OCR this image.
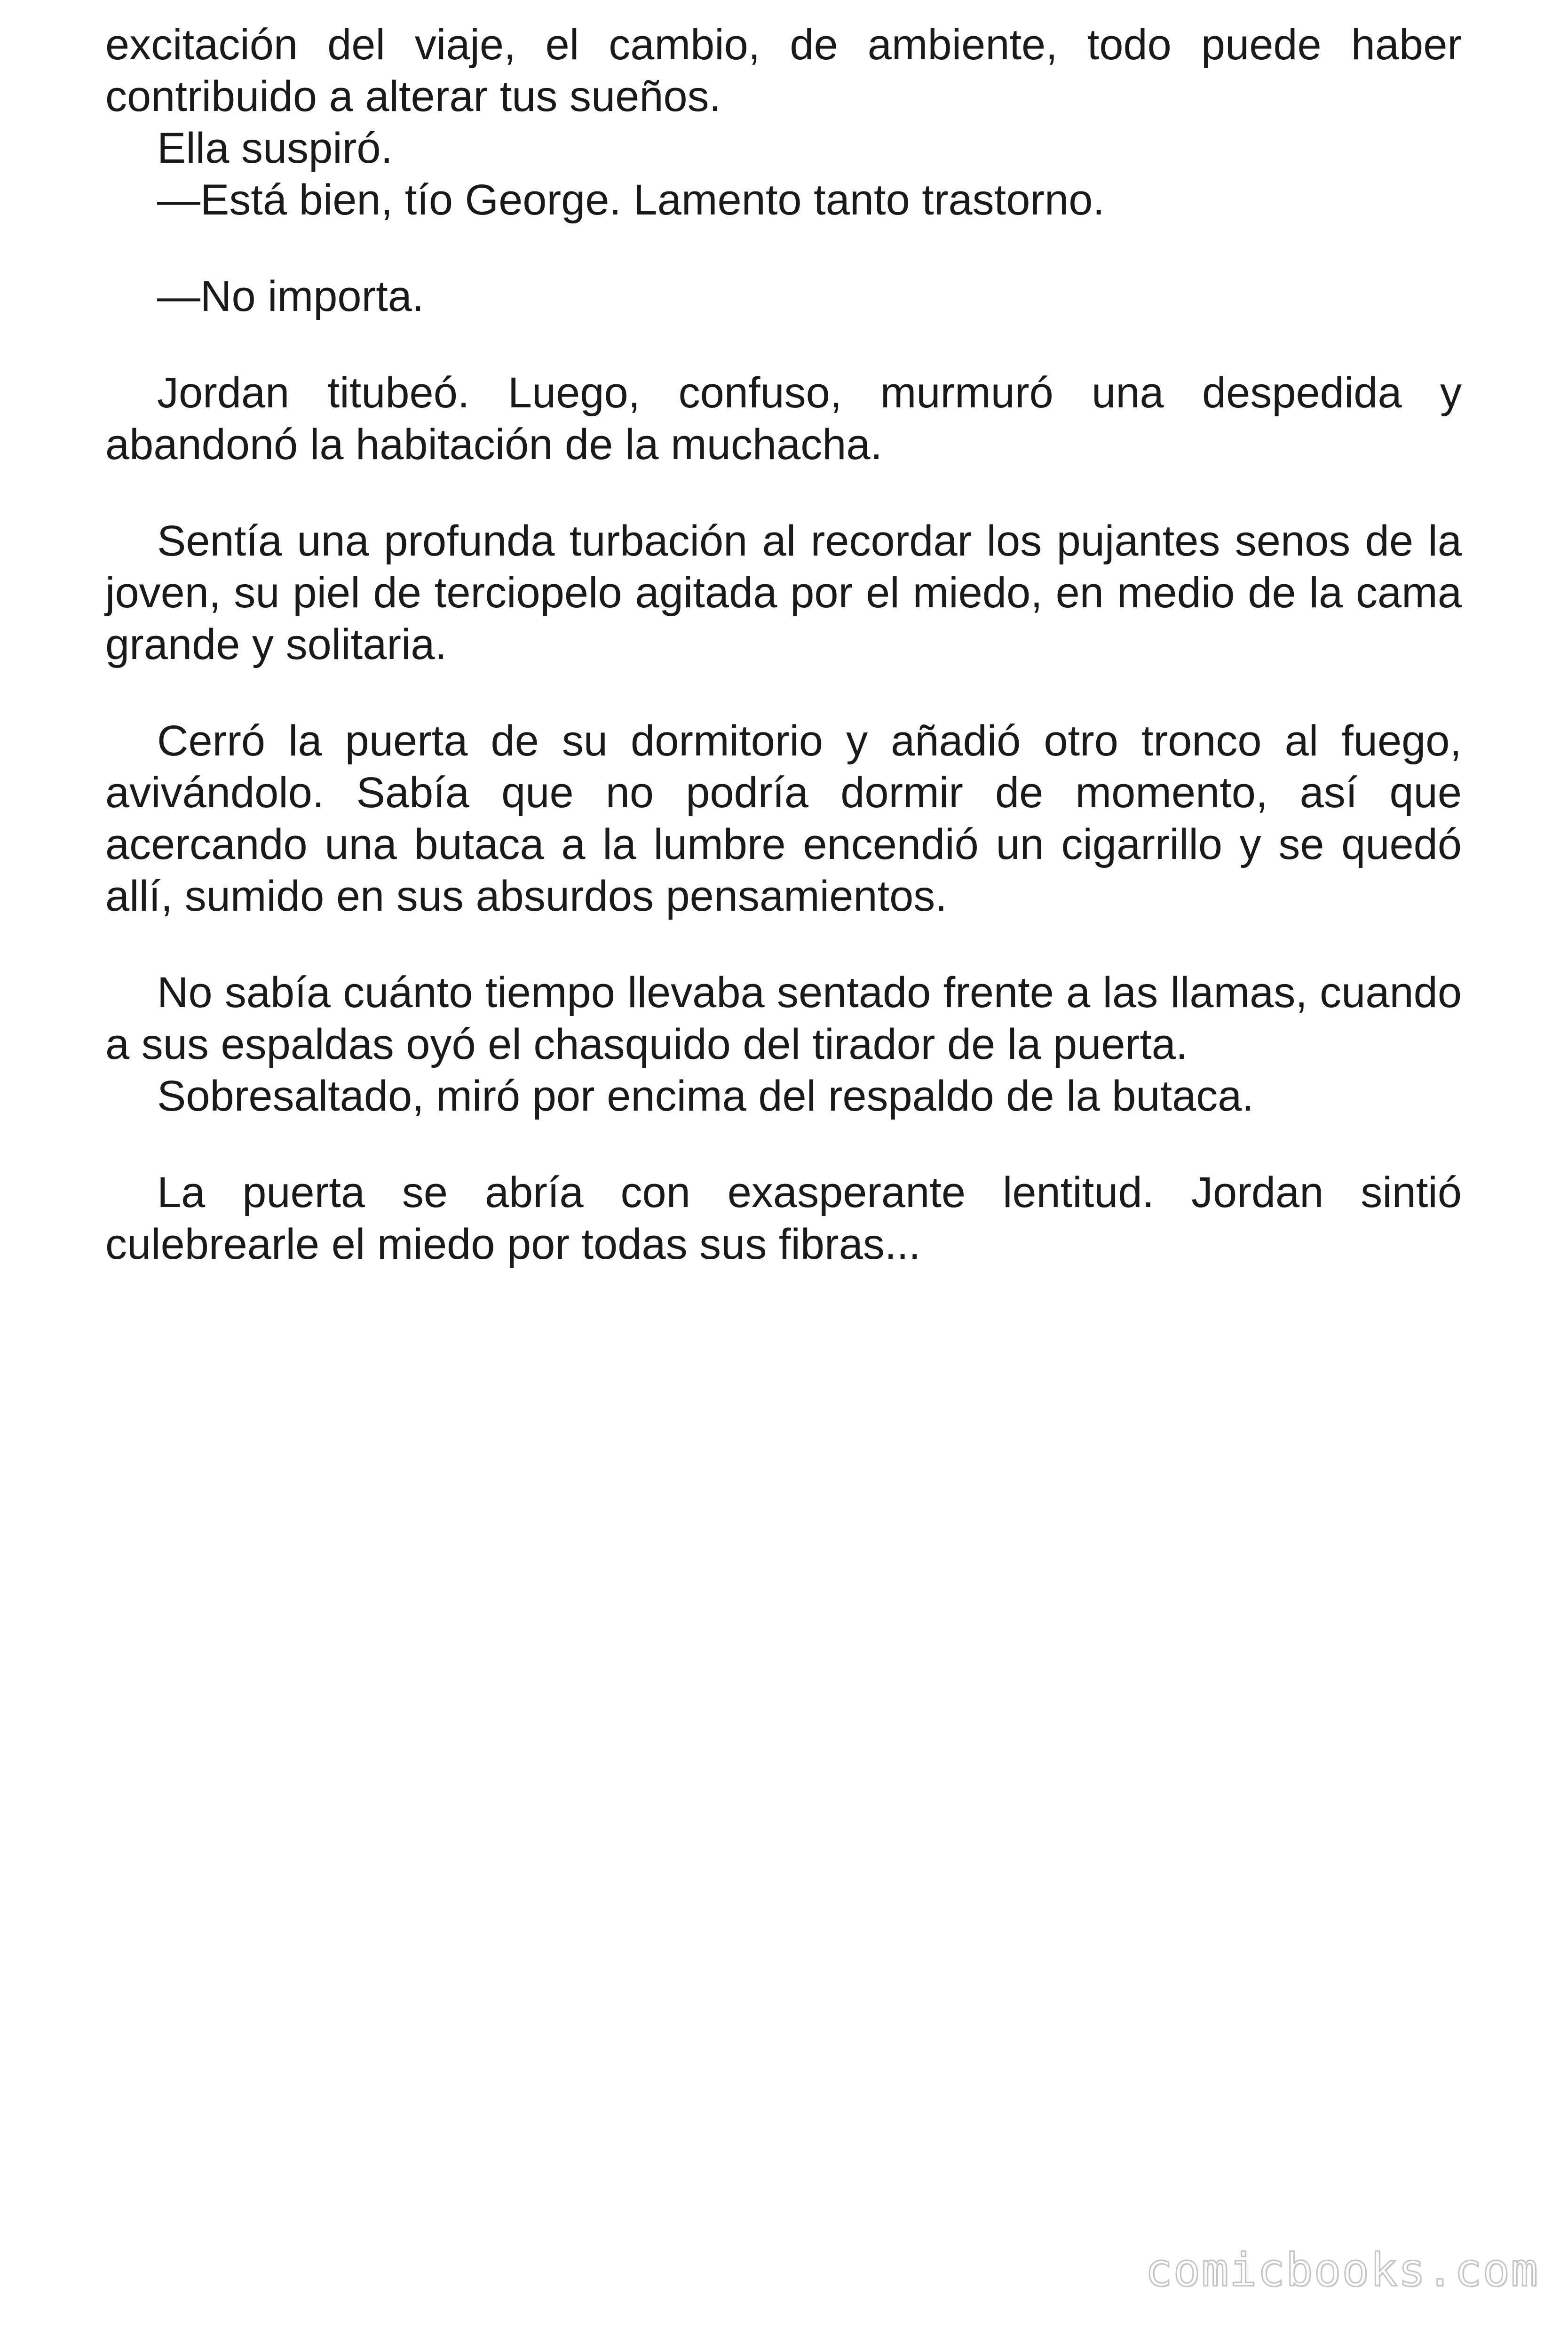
excitación del viaje, el cambio, de ambiente, todo puede haber contribuido a alterar tus sueños.

Ella suspiró.

—Está bien, tío George. Lamento tanto trastorno.

—No importa.

Jordan titubeó. Luego, confuso, murmuró una despedida y abandonó la habitación de la muchacha.

Sentía una profunda turbación al recordar los pujantes senos de la joven, su piel de terciopelo agitada por el miedo, en medio de la cama grande y solitaria.

Cerró la puerta de su dormitorio y añadió otro tronco al fuego, avivándolo. Sabía que no podría dormir de momento, así que acercando una butaca a la lumbre encendió un cigarrillo y se quedó allí, sumido en sus absurdos pensamientos.

No sabía cuánto tiempo llevaba sentado frente a las llamas, cuando a sus espaldas oyó el chasquido del tirador de la puerta.

Sobresaltado, miró por encima del respaldo de la butaca.

La puerta se abría con exasperante lentitud. Jordan sintió culebrearle el miedo por todas sus fibras...

comicbooks.com
